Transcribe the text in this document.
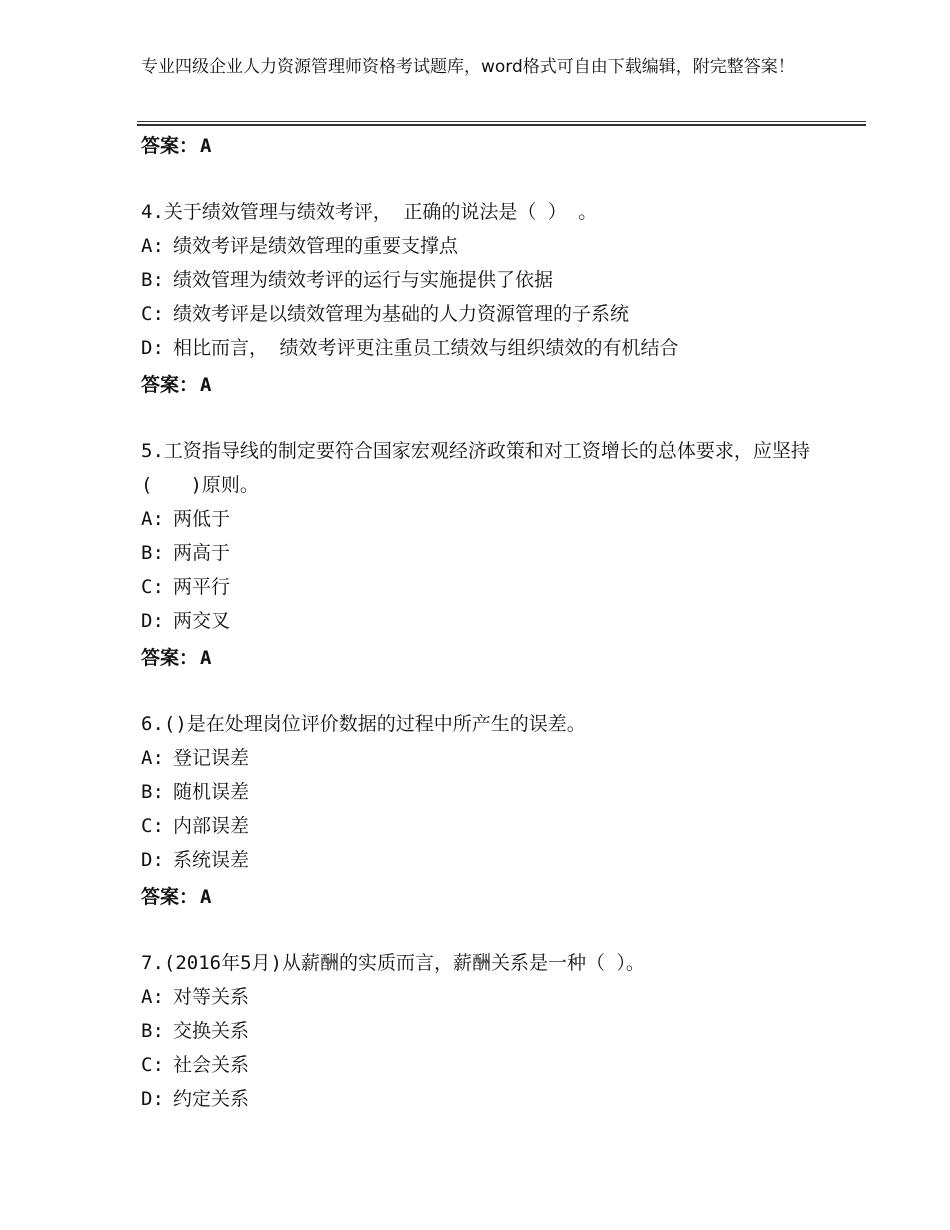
专业四级企业人力资源管理师资格考试题库，word格式可自由下载编辑，附完整答案！
答案： A
4.关于绩效管理与绩效考评， 正确的说法是（ ） 。
A: 绩效考评是绩效管理的重要支撑点
B: 绩效管理为绩效考评的运行与实施提供了依据
C: 绩效考评是以绩效管理为基础的人力资源管理的子系统
D: 相比而言， 绩效考评更注重员工绩效与组织绩效的有机结合
答案： A
5.工资指导线的制定要符合国家宏观经济政策和对工资增长的总体要求，应坚持(　　)原则。
A: 两低于
B: 两高于
C: 两平行
D: 两交叉
答案： A
6.()是在处理岗位评价数据的过程中所产生的误差。
A: 登记误差
B: 随机误差
C: 内部误差
D: 系统误差
答案： A
7.(2016年5月)从薪酬的实质而言，薪酬关系是一种（ ）。
A: 对等关系
B: 交换关系
C: 社会关系
D: 约定关系
